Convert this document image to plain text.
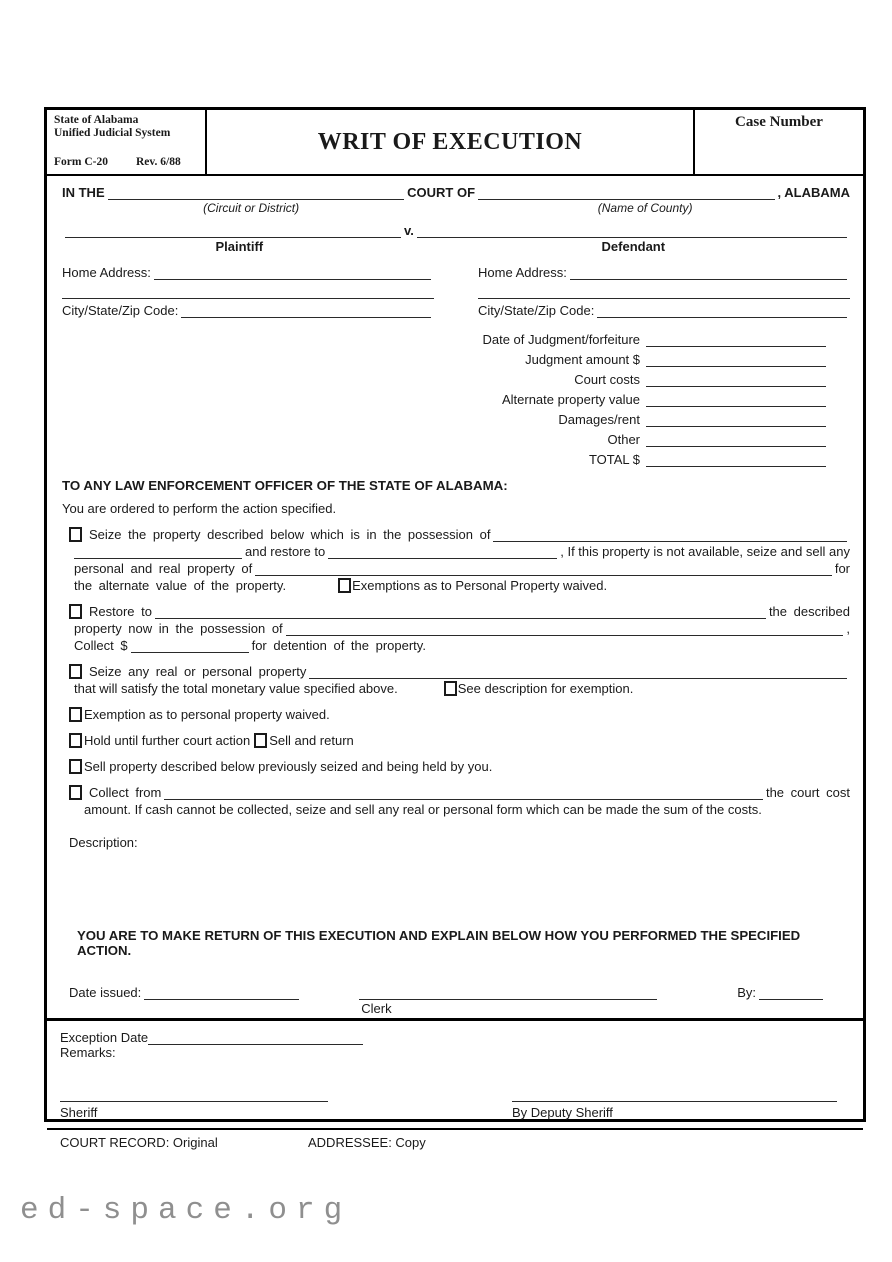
State of Alabama
Unified Judicial System
Form C-20 Rev. 6/88
WRIT OF EXECUTION
Case Number
IN THE	COURT OF	, ALABAMA
(Circuit or District)	(Name of County)
v.
Plaintiff	Defendant
Home Address:
City/State/Zip Code:
Home Address:
City/State/Zip Code:
Date of Judgment/forfeiture
Judgment amount $
Court costs
Alternate property value
Damages/rent
Other
TOTAL $
TO ANY LAW ENFORCEMENT OFFICER OF THE STATE OF ALABAMA:
You are ordered to perform the action specified.
Seize the property described below which is in the possession of
and restore to	, If this property is not available, seize and sell any
personal and real property of	for
the alternate value of the property.	Exemptions as to Personal Property waived.
Restore to	the described
property now in the possession of	,
Collect $	for detention of the property.
Seize any real or personal property
that will satisfy the total monetary value specified above.	See description for exemption.
Exemption as to personal property waived.
Hold until further court action Sell and return
Sell property described below previously seized and being held by you.
Collect from	the court cost
amount. If cash cannot be collected, seize and sell any real or personal form which can be made the sum of the costs.
Description:
YOU ARE TO MAKE RETURN OF THIS EXECUTION AND EXPLAIN BELOW HOW YOU PERFORMED THE SPECIFIED ACTION.
Date issued:
Clerk
By:
Exception Date
Remarks:
Sheriff	By Deputy Sheriff
COURT RECORD: Original	ADDRESSEE: Copy
ed-space.org
